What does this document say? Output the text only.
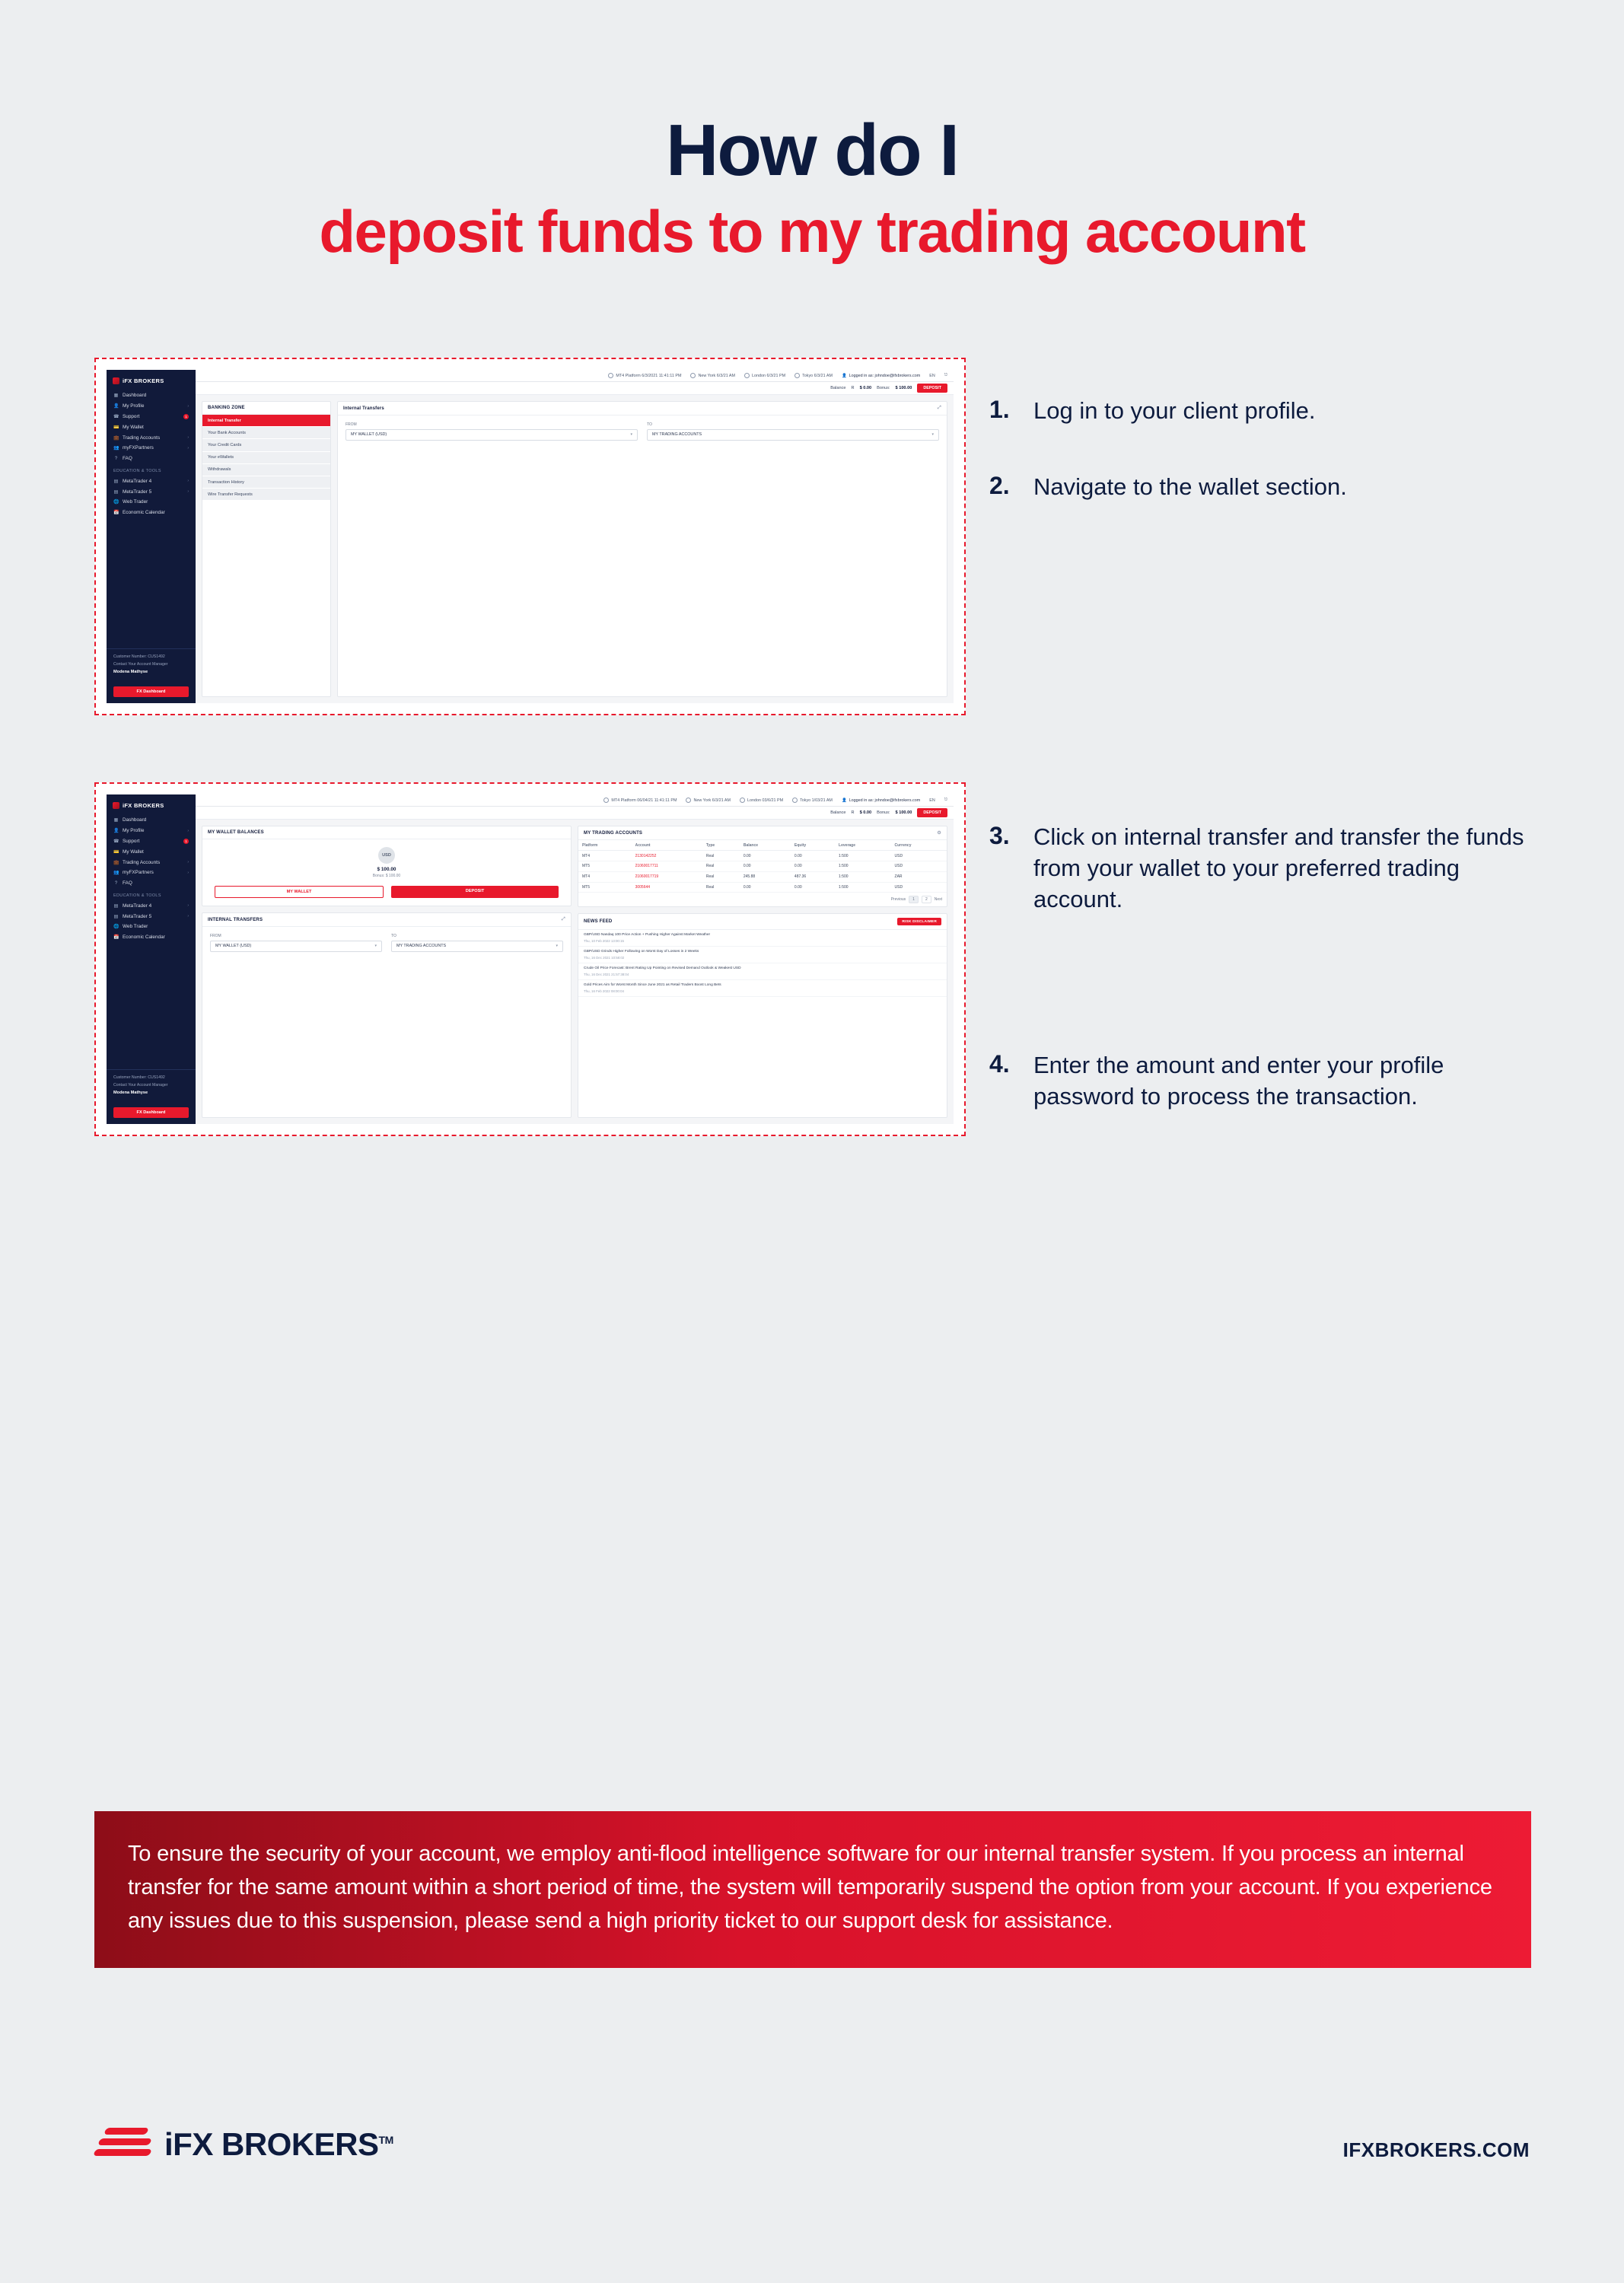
How do I
deposit funds to my trading account
iFX BROKERS
▦ Dashboard
👤 My Profile	›
☎ Support	1
💳 My Wallet
💼 Trading Accounts	›
👥 myFXPartners	›
? FAQ
EDUCATION & TOOLS
▤ MetaTrader 4	›
▤ MetaTrader 5	›
🌐 Web Trader
📅 Economic Calendar
Customer Number: CUS1492
Contact Your Account Manager
Modena Mathyse
FX Dashboard
MT4 Platform 6/3/2021 11:41:11 PM	New York 6/3/21 AM	London 6/3/21 PM	Tokyo 6/3/21 AM 👤 Logged in as: johndoe@ifxbrokers.com EN ⎋
Balance R $ 0.00 Bonus: $ 100.00	DEPOSIT
BANKING ZONE
Internal Transfer
Your Bank Accounts
Your Credit Cards
Your eWallets
Withdrawals
Transaction History
Wire Transfer Requests
Internal Transfers	⤢
FROM
MY WALLET (USD)	▾
TO
MY TRADING ACCOUNTS	▾
iFX BROKERS
▦ Dashboard
👤 My Profile	›
☎ Support	1
💳 My Wallet
💼 Trading Accounts	›
👥 myFXPartners	›
? FAQ
EDUCATION & TOOLS
▤ MetaTrader 4	›
▤ MetaTrader 5	›
🌐 Web Trader
📅 Economic Calendar
Customer Number: CUS1492
Contact Your Account Manager
Modena Mathyse
FX Dashboard
MT4 Platform 06/04/21 11:41:11 PM	New York 6/3/21 AM	London 03/6/21 PM	Tokyo 1/03/21 AM 👤 Logged in as: johndoe@ifxbrokers.com EN ⎋
Balance R $ 0.00 Bonus: $ 100.00	DEPOSIT
MY WALLET BALANCES
USD
$ 100.00
Bonus: $ 100.00
MY WALLET	DEPOSIT
INTERNAL TRANSFERS	⤢
FROM
MY WALLET (USD)	▾
TO
MY TRADING ACCOUNTS	▾
MY TRADING ACCOUNTS	⚙
Platform	Account	Type	Balance	Equity	Leverage	Currency
MT4	2130142252	Real	0.00	0.00	1:500	USD
MT5	21060017711	Real	0.00	0.00	1:500	USD
MT4	21060017719	Real	245.88	487.36	1:500	ZAR
MT5	3005644	Real	0.00	0.00	1:500	USD
Previous	1	2	Next
NEWS FEED	RISK DISCLAIMER
GBP/USD Nasdaq 100 Price Action + Pushing Higher Against Market Weather
Thu, 10 Feb 2022 13:00:15
GBP/USD Grinds Higher Following on Worst Day of Losses in 2 Weeks
Thu, 16 Dec 2021 10:58:02
Crude Oil Price Forecast: Brent Rating Up Pointing on Revised Demand Outlook & Weakest USD
Thu, 16 Dec 2021 21:57:38:04
Gold Prices Aim for Worst Month Since June 2021 as Retail Traders Boost Long Bets
Thu, 16 Feb 2022 08:00:04
1.	Log in to your client profile.
2.	Navigate to the wallet section.
3.	Click on internal transfer and transfer the funds from your wallet to your preferred trading account.
4.	Enter the amount and enter your profile password to process the transaction.

To ensure the security of your account, we employ anti-flood intelligence software for our internal transfer system. If you process an internal transfer for the same amount within a short period of time, the system will temporarily suspend the option from your account. If you experience any issues due to this suspension, please send a high priority ticket to our support desk for assistance.

iFX BROKERS™	IFXBROKERS.COM
